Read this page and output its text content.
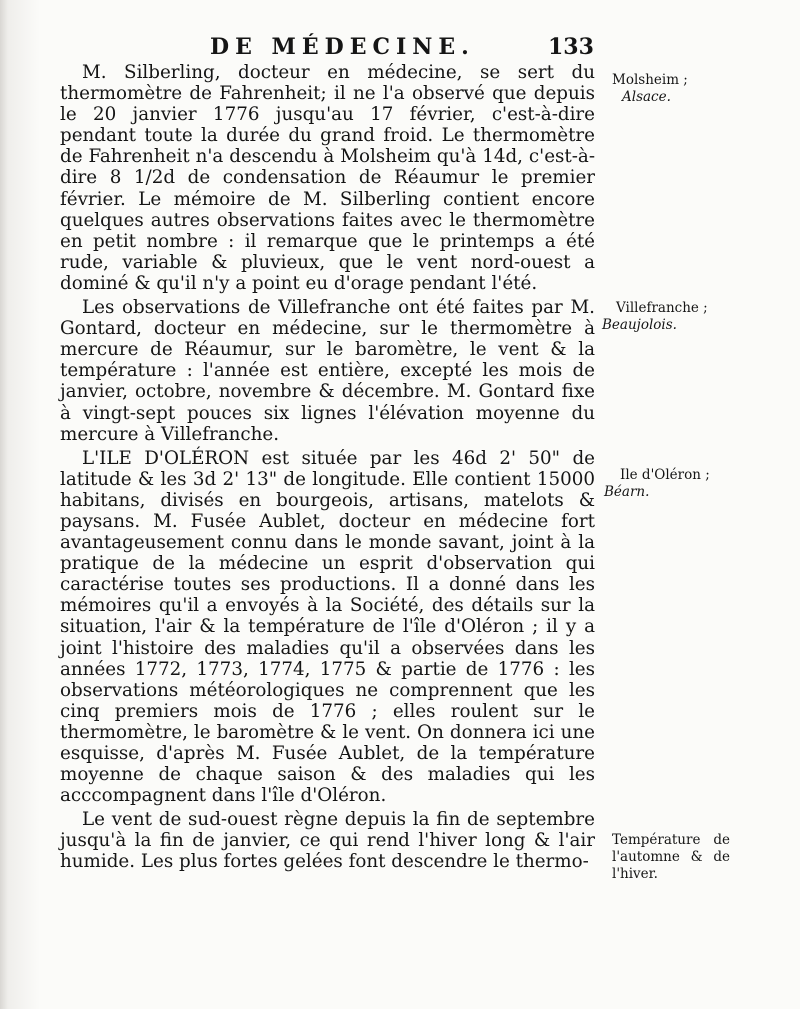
DE MÉDECINE.	133

M. Silberling, docteur en médecine, se sert du thermomètre de Fahrenheit; il ne l'a observé que depuis le 20 janvier 1776 jusqu'au 17 février, c'est-à-dire pendant toute la durée du grand froid. Le thermomètre de Fahrenheit n'a descendu à Molsheim qu'à 14d, c'est-à-dire 8 1/2d de condensation de Réaumur le premier février. Le mémoire de M. Silberling contient encore quelques autres observations faites avec le thermomètre en petit nombre : il remarque que le printemps a été rude, variable & pluvieux, que le vent nord-ouest a dominé & qu'il n'y a point eu d'orage pendant l'été.

Les observations de Villefranche ont été faites par M. Gontard, docteur en médecine, sur le thermomètre à mercure de Réaumur, sur le baromètre, le vent & la température : l'année est entière, excepté les mois de janvier, octobre, novembre & décembre. M. Gontard fixe à vingt-sept pouces six lignes l'élévation moyenne du mercure à Villefranche.

L'ILE D'OLÉRON est située par les 46d 2' 50" de latitude & les 3d 2' 13" de longitude. Elle contient 15000 habitans, divisés en bourgeois, artisans, matelots & paysans. M. Fusée Aublet, docteur en médecine fort avantageusement connu dans le monde savant, joint à la pratique de la médecine un esprit d'observation qui caractérise toutes ses productions. Il a donné dans les mémoires qu'il a envoyés à la Société, des détails sur la situation, l'air & la température de l'île d'Oléron ; il y a joint l'histoire des maladies qu'il a observées dans les années 1772, 1773, 1774, 1775 & partie de 1776 : les observations météorologiques ne comprennent que les cinq premiers mois de 1776 ; elles roulent sur le thermomètre, le baromètre & le vent. On donnera ici une esquisse, d'après M. Fusée Aublet, de la température moyenne de chaque saison & des maladies qui les acccompagnent dans l'île d'Oléron.

Le vent de sud-ouest règne depuis la fin de septembre jusqu'à la fin de janvier, ce qui rend l'hiver long & l'air humide. Les plus fortes gelées font descendre le thermo-

Molsheim ;
Alsace.
Villefranche ;
Beaujolois.
Ile d'Oléron ;
Béarn.
Température de l'automne & de l'hiver.
